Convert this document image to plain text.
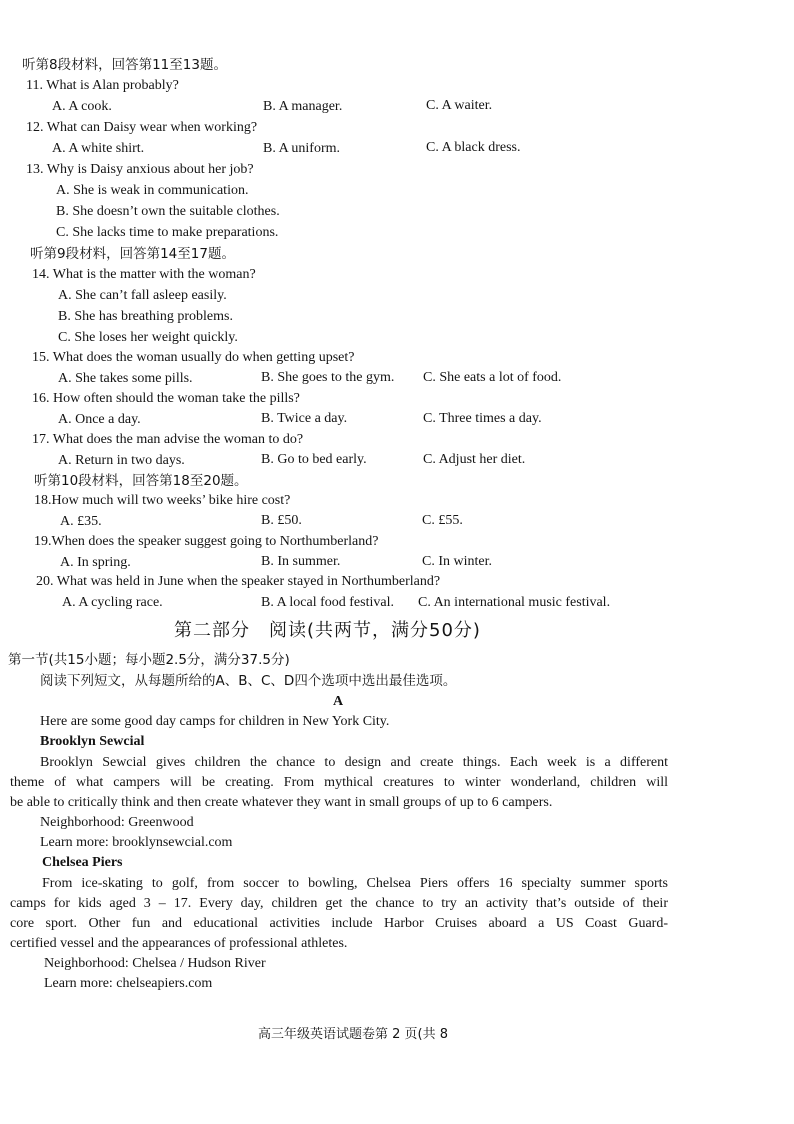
听第8段材料，回答第11至13题。
11. What is Alan probably?
A. A cook.	B. A manager.	C. A waiter.
12. What can Daisy wear when working?
A. A white shirt.	B. A uniform.	C. A black dress.
13. Why is Daisy anxious about her job?
A. She is weak in communication.
B. She doesn’t own the suitable clothes.
C. She lacks time to make preparations.
听第9段材料，回答第14至17题。
14. What is the matter with the woman?
A. She can’t fall asleep easily.
B. She has breathing problems.
C. She loses her weight quickly.
15. What does the woman usually do when getting upset?
A. She takes some pills.	B. She goes to the gym. C. She eats a lot of food.
16. How often should the woman take the pills?
A. Once a day.	B. Twice a day.	C. Three times a day.
17. What does the man advise the woman to do?
A. Return in two days.	B. Go to bed early.	C. Adjust her diet.
听第10段材料，回答第18至20题。
18.How much will two weeks’ bike hire cost?
A. £35.	B. £50.	C. £55.
19.When does the speaker suggest going to Northumberland?
A. In spring.	B. In summer.	C. In winter.
20. What was held in June when the speaker stayed in Northumberland?
A. A cycling race.	B. A local food festival. C. An international music festival.
第二部分　阅读(共两节，满分50分)
第一节(共15小题；每小题2.5分，满分37.5分)
阅读下列短文，从每题所给的A、B、C、D四个选项中选出最佳选项。
A
Here are some good day camps for children in New York City.
Brooklyn Sewcial
Brooklyn Sewcial gives children the chance to design and create things. Each week is a different
theme of what campers will be creating. From mythical creatures to winter wonderland, children will
be able to critically think and then create whatever they want in small groups of up to 6 campers.
Neighborhood: Greenwood
Learn more: brooklynsewcial.com
Chelsea Piers
From ice-skating to golf, from soccer to bowling, Chelsea Piers offers 16 specialty summer sports
camps for kids aged 3 – 17. Every day, children get the chance to try an activity that’s outside of their
core sport. Other fun and educational activities include Harbor Cruises aboard a US Coast Guard-
certified vessel and the appearances of professional athletes.
Neighborhood: Chelsea / Hudson River
Learn more: chelseapiers.com
高三年级英语试题卷第 2 页(共 8
